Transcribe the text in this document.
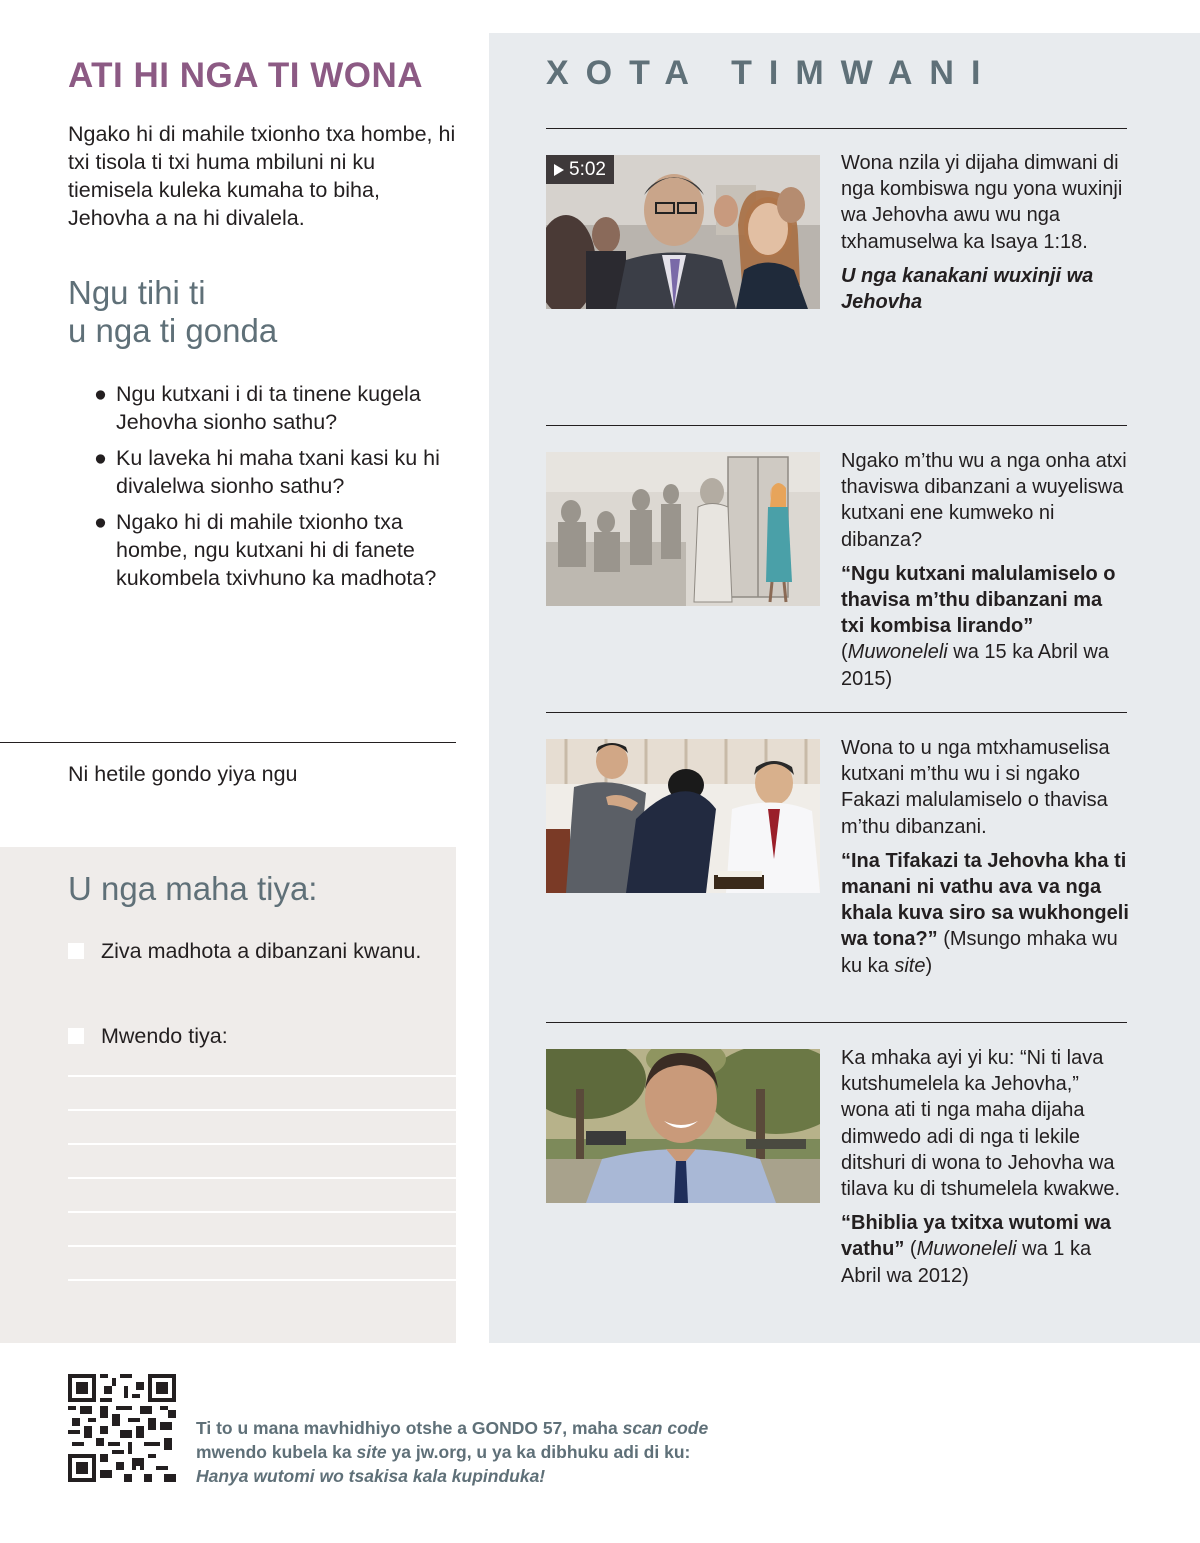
ATI HI NGA TI WONA

Ngako hi di mahile txionho txa hombe, hi txi tisola ti txi huma mbiluni ni ku tiemisela kuleka kumaha to biha, Jehovha a na hi divalela.

Ngu tihi ti
u nga ti gonda
● Ngu kutxani i di ta tinene kugela Jehovha sionho sathu?
● Ku laveka hi maha txani kasi ku hi divalelwa sionho sathu?
● Ngako hi di mahile txionho txa hombe, ngu kutxani hi di fanete kukombela txivhuno ka madhota?

Ni hetile gondo yiya ngu

U nga maha tiya:
Ziva madhota a dibanzani kwanu.
Mwendo tiya:
XOTA TIMWANI
5:02	Wona nzila yi dijaha dimwani di nga kombiswa ngu yona wuxinji wa Jehovha awu wu nga txhamuselwa ka Isaya 1:18.

U nga kanakani wuxinji wa Jehovha

Ngako m’thu wu a nga onha atxi thaviswa dibanzani a wuyeliswa kutxani ene kumweko ni dibanza?

“Ngu kutxani malulamiselo o thavisa m’thu dibanzani ma txi kombisa lirando” (Muwoneleli wa 15 ka Abril wa 2015)

Wona to u nga mtxhamuselisa kutxani m’thu wu i si ngako Fakazi malulamiselo o thavisa m’thu dibanzani.

“Ina Tifakazi ta Jehovha kha ti manani ni vathu ava va nga khala kuva siro sa wukhongeli wa tona?” (Msungo mhaka wu ku ka site)

Ka mhaka ayi yi ku: “Ni ti lava kutshumelela ka Jehovha,” wona ati ti nga maha dijaha dimwedo adi di nga ti lekile ditshuri di wona to Jehovha wa tilava ku di tshumelela kwakwe.

“Bhiblia ya txitxa wutomi wa vathu” (Muwoneleli wa 1 ka Abril wa 2012)

Ti to u mana mavhidhiyo otshe a GONDO 57, maha scan code mwendo kubela ka site ya jw.org, u ya ka dibhuku adi di ku: Hanya wutomi wo tsakisa kala kupinduka!
